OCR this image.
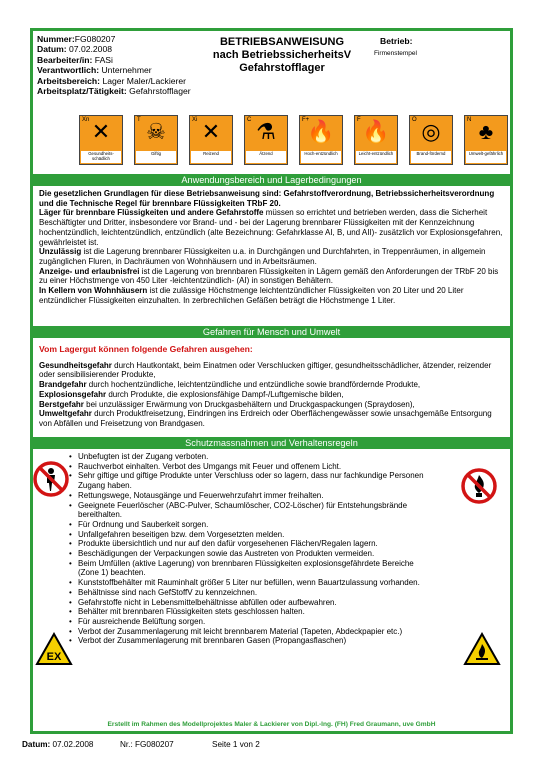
Nummer:FG080207
Datum: 07.02.2008
Bearbeiter/in: FASi
Verantwortlich: Unternehmer
Arbeitsbereich: Lager Maler/Lackierer
Arbeitsplatz/Tätigkeit: Gefahrstofflager
BETRIEBSANWEISUNG
nach BetriebssicherheitsV
Gefahrstofflager
Betrieb:
Firmenstempel
Xn ✕
Gesundheits-schädlich
T ☠
Giftig
Xi ✕
Reizend
C ⚗
Ätzend
F+
🔥
Hoch-entzündlich
F 🔥
Leicht-entzündlich
O ◎
Brand-fördernd
N ♣
Umwelt-gefährlich
Anwendungsbereich und Lagerbedingungen

Die gesetzlichen Grundlagen für diese Betriebsanweisung sind: Gefahrstoffverordnung, Betriebssicherheitsverordnung und die Technische Regel für brennbare Flüssigkeiten TRbF 20.

Läger für brennbare Flüssigkeiten und andere Gefahrstoffe müssen so errichtet und betrieben werden, dass die Sicherheit Beschäftigter und Dritter, insbesondere vor Brand- und - bei der Lagerung brennbarer Flüssigkeiten mit der Kennzeichnung hochentzündlich, leichtentzündlich, entzündlich (alte Bezeichnung: Gefahrklasse AI, B, und AII)- zusätzlich vor Explosionsgefahren, gewährleistet ist.

Unzulässig ist die Lagerung brennbarer Flüssigkeiten u.a. in Durchgängen und Durchfahrten, in Treppenräumen, in allgemein zugänglichen Fluren, in Dachräumen von Wohnhäusern und in Arbeitsräumen.

Anzeige- und erlaubnisfrei ist die Lagerung von brennbaren Flüssigkeiten in Lägern gemäß den Anforderungen der TRbF 20 bis zu einer Höchstmenge von 450 Liter -leichtentzündlich- (AI) in sonstigen Behältern.

In Kellern von Wohnhäusern ist die zulässige Höchstmenge leichtentzündlicher Flüssigkeiten von 20 Liter und 20 Liter entzündlicher Flüssigkeiten einzuhalten. In zerbrechlichen Gefäßen beträgt die Höchstmenge 1 Liter.

Gefahren für Mensch und Umwelt

Vom Lagergut können folgende Gefahren ausgehen:

Gesundheitsgefahr durch Hautkontakt, beim Einatmen oder Verschlucken giftiger, gesundheitsschädlicher, ätzender, reizender oder sensibilisierender Produkte,

Brandgefahr durch hochentzündliche, leichtentzündliche und entzündliche sowie brandfördernde Produkte,

Explosionsgefahr durch Produkte, die explosionsfähige Dampf-/Luftgemische bilden,

Berstgefahr bei unzulässiger Erwärmung von Druckgasbehältern und Druckgaspackungen (Spraydosen),

Umweltgefahr durch Produktfreisetzung, Eindringen ins Erdreich oder Oberflächengewässer sowie unsachgemäße Entsorgung von Abfällen und Freisetzung von Brandgasen.

Schutzmassnahmen und Verhaltensregeln
• Unbefugten ist der Zugang verboten.
• Rauchverbot einhalten. Verbot des Umgangs mit Feuer und offenem Licht.
• Sehr giftige und giftige Produkte unter Verschluss oder so lagern, dass nur fachkundige Personen Zugang haben.
• Rettungswege, Notausgänge und Feuerwehrzufahrt immer freihalten.
• Geeignete Feuerlöscher (ABC-Pulver, Schaumlöscher, CO2-Löscher) für Entstehungsbrände bereithalten.
• Für Ordnung und Sauberkeit sorgen.
• Unfallgefahren beseitigen bzw. dem Vorgesetzten melden.
• Produkte übersichtlich und nur auf den dafür vorgesehenen Flächen/Regalen lagern.
• Beschädigungen der Verpackungen sowie das Austreten von Produkten vermeiden.
• Beim Umfüllen (aktive Lagerung) von brennbaren Flüssigkeiten explosionsgefährdete Bereiche (Zone 1) beachten.
• Kunststoffbehälter mit Rauminhalt größer 5 Liter nur befüllen, wenn Bauartzulassung vorhanden.
• Behältnisse sind nach GefStoffV zu kennzeichnen.
• Gefahrstoffe nicht in Lebensmittelbehältnisse abfüllen oder aufbewahren.
• Behälter mit brennbaren Flüssigkeiten stets geschlossen halten.
• Für ausreichende Belüftung sorgen.
• Verbot der Zusammenlagerung mit leicht brennbarem Material (Tapeten, Abdeckpapier etc.)
• Verbot der Zusammenlagerung mit brennbaren Gasen (Propangasflaschen)
EX
Erstellt im Rahmen des Modellprojektes Maler & Lackierer von Dipl.-Ing. (FH) Fred Graumann, uve GmbH
Datum: 07.02.2008	Nr.: FG080207	Seite 1 von 2
